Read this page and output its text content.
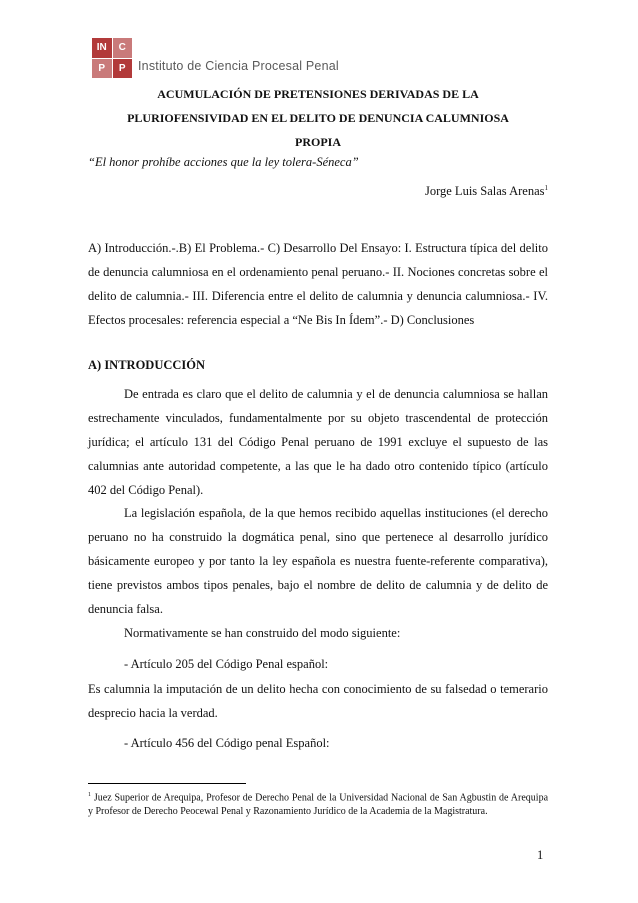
IN	C
P	P Instituto de Ciencia Procesal Penal
ACUMULACIÓN DE PRETENSIONES DERIVADAS DE LA
PLURIOFENSIVIDAD EN EL DELITO DE DENUNCIA CALUMNIOSA
PROPIA
“El honor prohíbe acciones que la ley tolera-Séneca”
Jorge Luis Salas Arenas$^1$
A) Introducción.-.B) El Problema.- C) Desarrollo Del Ensayo: I. Estructura típica del delito de denuncia calumniosa en el ordenamiento penal peruano.- II. Nociones concretas sobre el delito de calumnia.- III. Diferencia entre el delito de calumnia y denuncia calumniosa.- IV. Efectos procesales: referencia especial a “Ne Bis In Ídem”.- D) Conclusiones
A) INTRODUCCIÓN
De entrada es claro que el delito de calumnia y el de denuncia calumniosa se hallan estrechamente vinculados, fundamentalmente por su objeto trascendental de protección jurídica; el artículo 131 del Código Penal peruano de 1991 excluye el supuesto de las calumnias ante autoridad competente, a las que le ha dado otro contenido típico (artículo 402 del Código Penal).
La legislación española, de la que hemos recibido aquellas instituciones (el derecho peruano no ha construido la dogmática penal, sino que pertenece al desarrollo jurídico básicamente europeo y por tanto la ley española es nuestra fuente-referente comparativa), tiene previstos ambos tipos penales, bajo el nombre de delito de calumnia y de delito de denuncia falsa.
Normativamente se han construido del modo siguiente:
- Artículo 205 del Código Penal español:
Es calumnia la imputación de un delito hecha con conocimiento de su falsedad o temerario desprecio hacia la verdad.
- Artículo 456 del Código penal Español:
$^1$ Juez Superior de Arequipa, Profesor de Derecho Penal de la Universidad Nacional de San Agbustin de Arequipa y Profesor de Derecho Peocewal Penal y Razonamiento Jurídico de la Academia de la Magistratura.
1
